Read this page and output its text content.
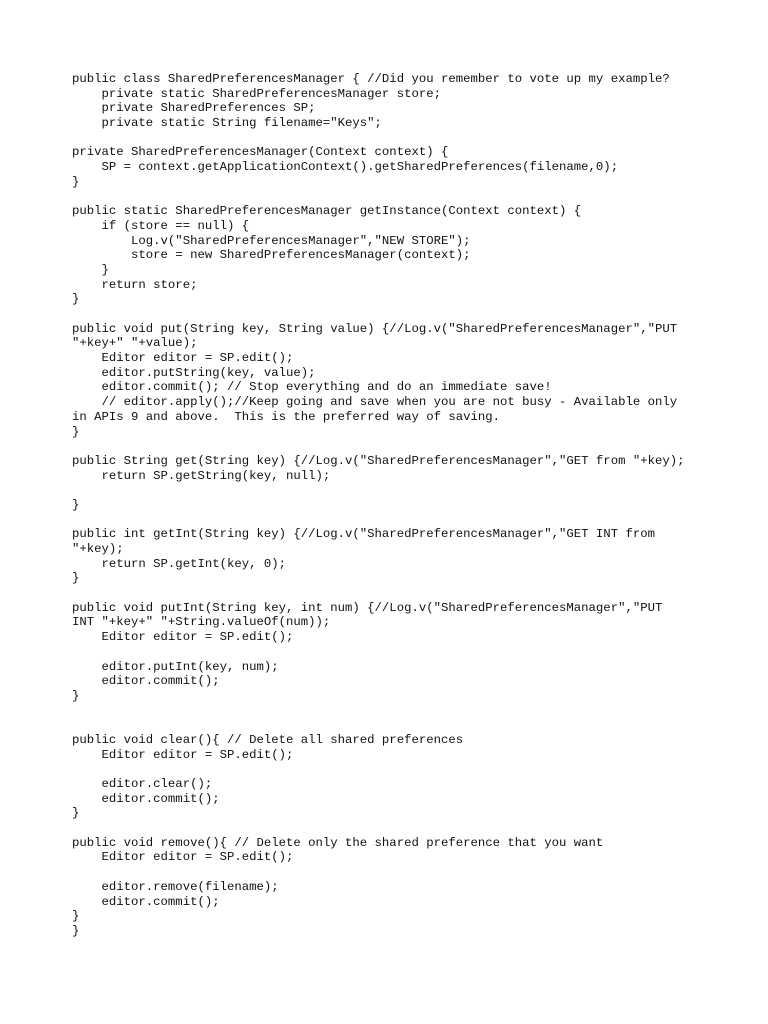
public class SharedPreferencesManager { //Did you remember to vote up my example?
private static SharedPreferencesManager store;
private SharedPreferences SP;
private static String filename="Keys";
private SharedPreferencesManager(Context context) {
SP = context.getApplicationContext().getSharedPreferences(filename,0);
}
public static SharedPreferencesManager getInstance(Context context) {
if (store == null) {
Log.v("SharedPreferencesManager","NEW STORE");
store = new SharedPreferencesManager(context);
}
return store;
}
public void put(String key, String value) {//Log.v("SharedPreferencesManager","PUT
"+key+" "+value);
Editor editor = SP.edit();
editor.putString(key, value);
editor.commit(); // Stop everything and do an immediate save!
// editor.apply();//Keep going and save when you are not busy - Available only
in APIs 9 and above.  This is the preferred way of saving.
}
public String get(String key) {//Log.v("SharedPreferencesManager","GET from "+key);
return SP.getString(key, null);
}
public int getInt(String key) {//Log.v("SharedPreferencesManager","GET INT from
"+key);
return SP.getInt(key, 0);
}
public void putInt(String key, int num) {//Log.v("SharedPreferencesManager","PUT
INT "+key+" "+String.valueOf(num));
Editor editor = SP.edit();
editor.putInt(key, num);
editor.commit();
}
public void clear(){ // Delete all shared preferences
Editor editor = SP.edit();
editor.clear();
editor.commit();
}
public void remove(){ // Delete only the shared preference that you want
Editor editor = SP.edit();
editor.remove(filename);
editor.commit();
}
}
